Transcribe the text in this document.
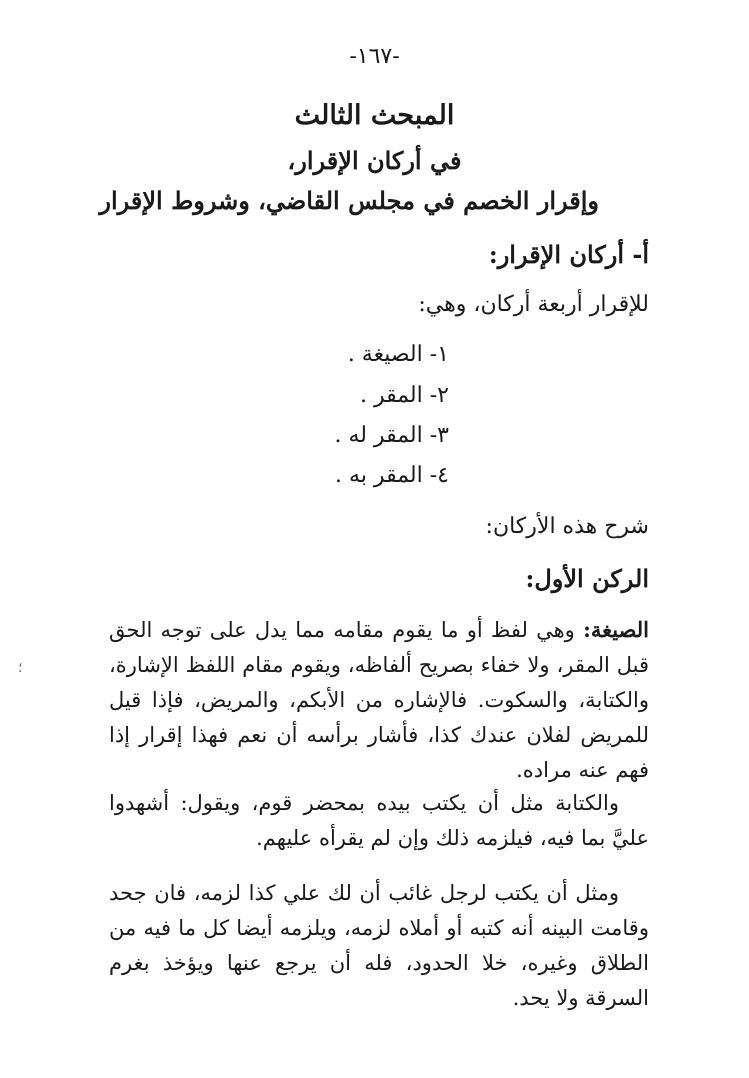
-١٦٧-
المبحث الثالث
في أركان الإقرار،
وإقرار الخصم في مجلس القاضي، وشروط الإقرار
أ- أركان الإقرار:
للإقرار أربعة أركان، وهي:
١- الصيغة .
٢- المقر .
٣- المقر له .
٤- المقر به .
شرح هذه الأركان:
الركن الأول:
الصيغة: وهي لفظ أو ما يقوم مقامه مما يدل على توجه الحق قبل المقر، ولا خفاء بصريح ألفاظه، ويقوم مقام اللفظ الإشارة، والكتابة، والسكوت. فالإشاره من الأبكم، والمريض، فإذا قيل للمريض لفلان عندك كذا، فأشار برأسه أن نعم فهذا إقرار إذا فهم عنه مراده.
والكتابة مثل أن يكتب بيده بمحضر قوم، ويقول: أشهدوا عليَّ بما فيه، فيلزمه ذلك وإن لم يقرأه عليهم.
ومثل أن يكتب لرجل غائب أن لك علي كذا لزمه، فان جحد وقامت البينه أنه كتبه أو أملاه لزمه، ويلزمه أيضا كل ما فيه من الطلاق وغيره، خلا الحدود، فله أن يرجع عنها ويؤخذ بغرم السرقة ولا يحد.
؛
